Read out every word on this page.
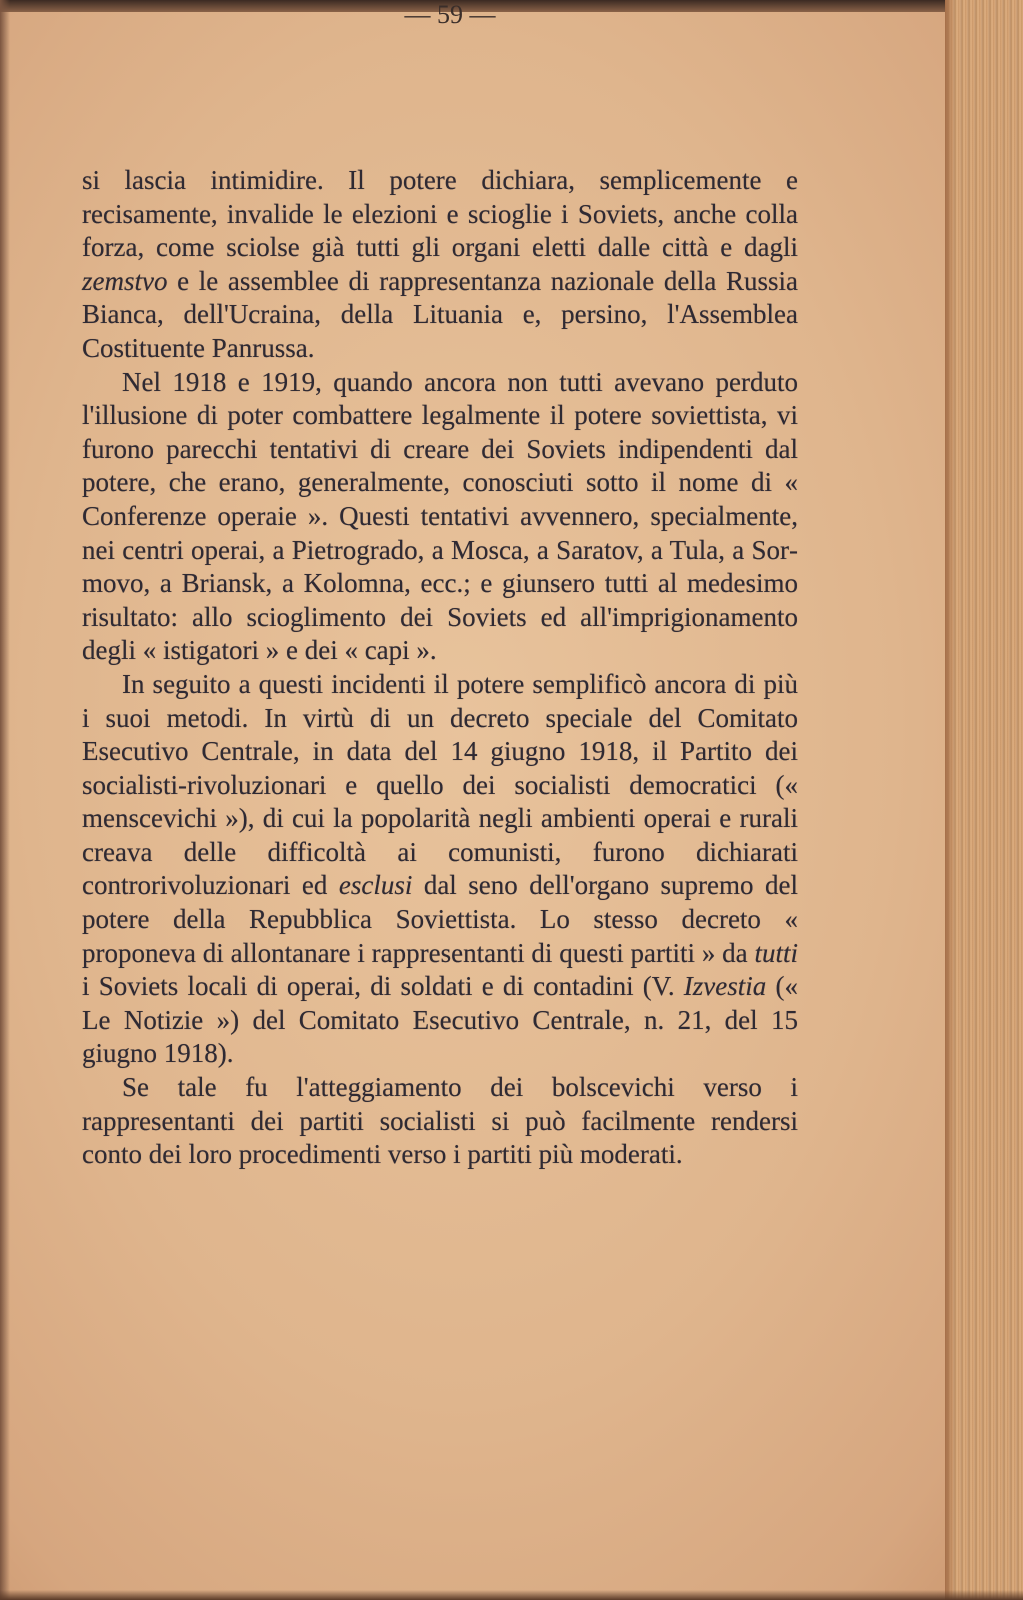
— 59 —

si lascia intimidire. Il potere dichiara, semplicemente e recisamente, invalide le elezioni e scioglie i Soviets, anche colla forza, come sciolse già tutti gli organi eletti dalle città e dagli zemstvo e le assemblee di rappresentanza nazionale della Russia Bianca, dell'Ucraina, della Lituania e, persino, l'Assemblea Costituente Panrussa.

Nel 1918 e 1919, quando ancora non tutti avevano perduto l'illusione di poter combattere legalmente il potere soviettista, vi furono parecchi tentativi di creare dei Soviets indipendenti dal potere, che erano, generalmente, conosciuti sotto il nome di « Conferenze operaie ». Questi tentativi avvennero, specialmente, nei centri operai, a Pietrogrado, a Mosca, a Saratov, a Tula, a Sormovo, a Briansk, a Kolomna, ecc.; e giunsero tutti al medesimo risultato: allo scioglimento dei Soviets ed all'imprigionamento degli « istigatori » e dei « capi ».

In seguito a questi incidenti il potere semplificò ancora di più i suoi metodi. In virtù di un decreto speciale del Comitato Esecutivo Centrale, in data del 14 giugno 1918, il Partito dei socialisti-rivoluzionari e quello dei socialisti democratici (« menscevichi »), di cui la popolarità negli ambienti operai e rurali creava delle difficoltà ai comunisti, furono dichiarati controrivoluzionari ed esclusi dal seno dell'organo supremo del potere della Repubblica Soviettista. Lo stesso decreto « proponeva di allontanare i rappresentanti di questi partiti » da tutti i Soviets locali di operai, di soldati e di contadini (V. Izvestia (« Le Notizie ») del Comitato Esecutivo Centrale, n. 21, del 15 giugno 1918).

Se tale fu l'atteggiamento dei bolscevichi verso i rappresentanti dei partiti socialisti si può facilmente rendersi conto dei loro procedimenti verso i partiti più moderati.
